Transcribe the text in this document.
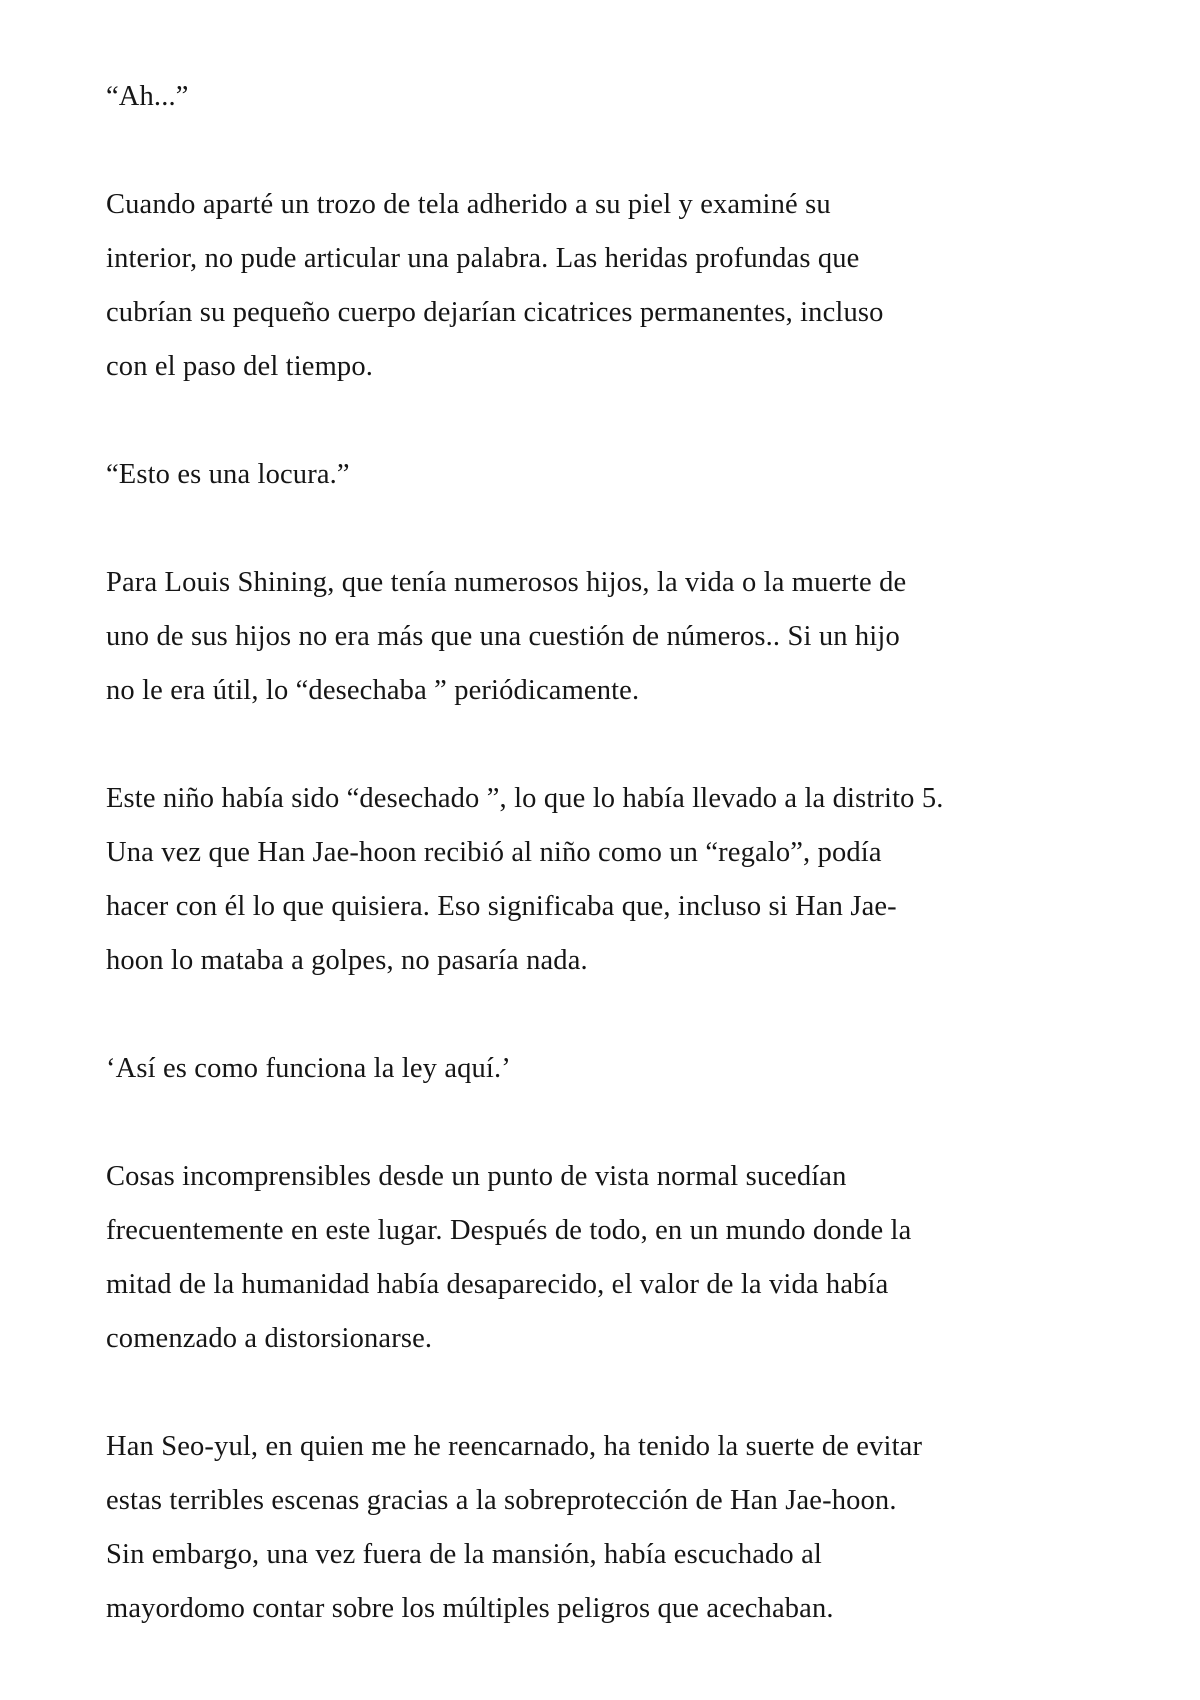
“Ah...”

Cuando aparté un trozo de tela adherido a su piel y examiné su
interior, no pude articular una palabra. Las heridas profundas que
cubrían su pequeño cuerpo dejarían cicatrices permanentes, incluso
con el paso del tiempo.

“Esto es una locura.”

Para Louis Shining, que tenía numerosos hijos, la vida o la muerte de
uno de sus hijos no era más que una cuestión de números.. Si un hijo
no le era útil, lo “desechaba ” periódicamente.

Este niño había sido “desechado ”, lo que lo había llevado a la distrito 5.
Una vez que Han Jae-hoon recibió al niño como un “regalo”, podía
hacer con él lo que quisiera. Eso significaba que, incluso si Han Jae-
hoon lo mataba a golpes, no pasaría nada.

‘Así es como funciona la ley aquí.’

Cosas incomprensibles desde un punto de vista normal sucedían
frecuentemente en este lugar. Después de todo, en un mundo donde la
mitad de la humanidad había desaparecido, el valor de la vida había
comenzado a distorsionarse.

Han Seo-yul, en quien me he reencarnado, ha tenido la suerte de evitar
estas terribles escenas gracias a la sobreprotección de Han Jae-hoon.
Sin embargo, una vez fuera de la mansión, había escuchado al
mayordomo contar sobre los múltiples peligros que acechaban.
